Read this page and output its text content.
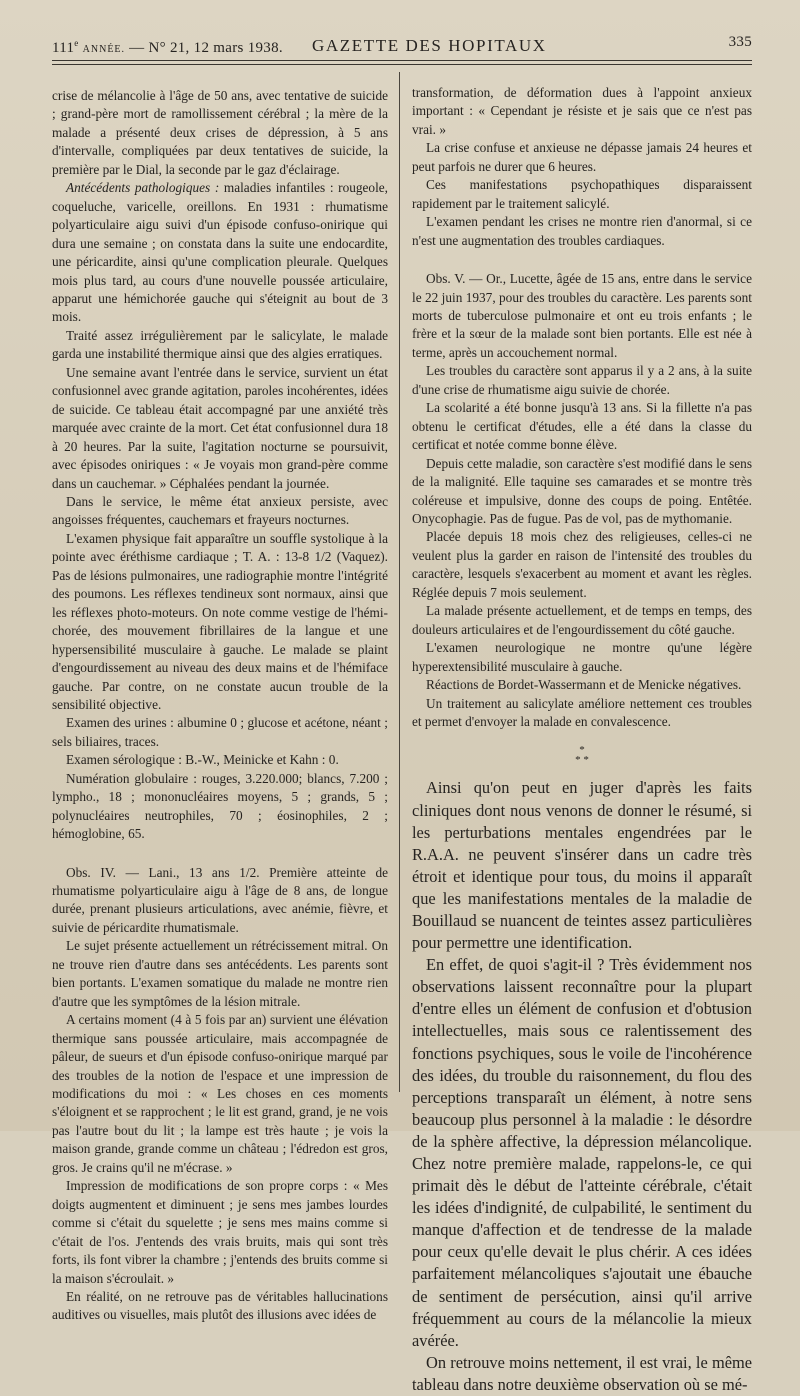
111e ANNÉE. — N° 21, 12 mars 1938. GAZETTE DES HOPITAUX	335

crise de mélancolie à l'âge de 50 ans, avec tentative de suicide ; grand-père mort de ramollissement cérébral ; la mère de la malade a présenté deux crises de dépression, à 5 ans d'intervalle, compliquées par deux tentatives de suicide, la première par le Dial, la seconde par le gaz d'éclairage.

Antécédents pathologiques : maladies infantiles : rougeole, coqueluche, varicelle, oreillons. En 1931 : rhumatisme polyarticulaire aigu suivi d'un épisode confuso-onirique qui dura une semaine ; on constata dans la suite une endocardite, une péricardite, ainsi qu'une complication pleurale. Quelques mois plus tard, au cours d'une nouvelle poussée articulaire, apparut une hémichorée gauche qui s'éteignit au bout de 3 mois.

Traité assez irrégulièrement par le salicylate, le malade garda une instabilité thermique ainsi que des algies erratiques.

Une semaine avant l'entrée dans le service, survient un état confusionnel avec grande agitation, paroles incohérentes, idées de suicide. Ce tableau était accompagné par une anxiété très marquée avec crainte de la mort. Cet état confusionnel dura 18 à 20 heures. Par la suite, l'agitation nocturne se poursuivit, avec épisodes oniriques : « Je voyais mon grand-père comme dans un cauchemar. » Céphalées pendant la journée.

Dans le service, le même état anxieux persiste, avec angoisses fréquentes, cauchemars et frayeurs nocturnes.

L'examen physique fait apparaître un souffle systolique à la pointe avec éréthisme cardiaque ; T. A. : 13-8 1/2 (Vaquez). Pas de lésions pulmonaires, une radiographie montre l'intégrité des poumons. Les réflexes tendineux sont normaux, ainsi que les réflexes photo-moteurs. On note comme vestige de l'hémi-chorée, des mouvement fibrillaires de la langue et une hypersensibilité musculaire à gauche. Le malade se plaint d'engourdissement au niveau des deux mains et de l'hémiface gauche. Par contre, on ne constate aucun trouble de la sensibilité objective.

Examen des urines : albumine 0 ; glucose et acétone, néant ; sels biliaires, traces.

Examen sérologique : B.-W., Meinicke et Kahn : 0.

Numération globulaire : rouges, 3.220.000; blancs, 7.200 ; lympho., 18 ; mononucléaires moyens, 5 ; grands, 5 ; polynucléaires neutrophiles, 70 ; éosinophiles, 2 ; hémoglobine, 65.

Obs. IV. — Lani., 13 ans 1/2. Première atteinte de rhumatisme polyarticulaire aigu à l'âge de 8 ans, de longue durée, prenant plusieurs articulations, avec anémie, fièvre, et suivie de péricardite rhumatismale.

Le sujet présente actuellement un rétrécissement mitral. On ne trouve rien d'autre dans ses antécédents. Les parents sont bien portants. L'examen somatique du malade ne montre rien d'autre que les symptômes de la lésion mitrale.

A certains moment (4 à 5 fois par an) survient une élévation thermique sans poussée articulaire, mais accompagnée de pâleur, de sueurs et d'un épisode confuso-onirique marqué par des troubles de la notion de l'espace et une impression de modifications du moi : « Les choses en ces moments s'éloignent et se rapprochent ; le lit est grand, grand, je ne vois pas l'autre bout du lit ; la lampe est très haute ; je vois la maison grande, grande comme un château ; l'édredon est gros, gros. Je crains qu'il ne m'écrase. »

Impression de modifications de son propre corps : « Mes doigts augmentent et diminuent ; je sens mes jambes lourdes comme si c'était du squelette ; je sens mes mains comme si c'était de l'os. J'entends des vrais bruits, mais qui sont très forts, ils font vibrer la chambre ; j'entends des bruits comme si la maison s'écroulait. »

En réalité, on ne retrouve pas de véritables hallucinations auditives ou visuelles, mais plutôt des illusions avec idées de

transformation, de déformation dues à l'appoint anxieux important : « Cependant je résiste et je sais que ce n'est pas vrai. »

La crise confuse et anxieuse ne dépasse jamais 24 heures et peut parfois ne durer que 6 heures.

Ces manifestations psychopathiques disparaissent rapidement par le traitement salicylé.

L'examen pendant les crises ne montre rien d'anormal, si ce n'est une augmentation des troubles cardiaques.

Obs. V. — Or., Lucette, âgée de 15 ans, entre dans le service le 22 juin 1937, pour des troubles du caractère. Les parents sont morts de tuberculose pulmonaire et ont eu trois enfants ; le frère et la sœur de la malade sont bien portants. Elle est née à terme, après un accouchement normal.

Les troubles du caractère sont apparus il y a 2 ans, à la suite d'une crise de rhumatisme aigu suivie de chorée.

La scolarité a été bonne jusqu'à 13 ans. Si la fillette n'a pas obtenu le certificat d'études, elle a été dans la classe du certificat et notée comme bonne élève.

Depuis cette maladie, son caractère s'est modifié dans le sens de la malignité. Elle taquine ses camarades et se montre très coléreuse et impulsive, donne des coups de poing. Entêtée. Onycophagie. Pas de fugue. Pas de vol, pas de mythomanie.

Placée depuis 18 mois chez des religieuses, celles-ci ne veulent plus la garder en raison de l'intensité des troubles du caractère, lesquels s'exacerbent au moment et avant les règles. Réglée depuis 7 mois seulement.

La malade présente actuellement, et de temps en temps, des douleurs articulaires et de l'engourdissement du côté gauche.

L'examen neurologique ne montre qu'une légère hyperextensibilité musculaire à gauche.

Réactions de Bordet-Wassermann et de Menicke négatives.

Un traitement au salicylate améliore nettement ces troubles et permet d'envoyer la malade en convalescence.

*
* *

Ainsi qu'on peut en juger d'après les faits cliniques dont nous venons de donner le résumé, si les perturbations mentales engendrées par le R.A.A. ne peuvent s'insérer dans un cadre très étroit et identique pour tous, du moins il apparaît que les manifestations mentales de la maladie de Bouillaud se nuancent de teintes assez particulières pour permettre une identification.

En effet, de quoi s'agit-il ? Très évidemment nos observations laissent reconnaître pour la plupart d'entre elles un élément de confusion et d'obtusion intellectuelles, mais sous ce ralentissement des fonctions psychiques, sous le voile de l'incohérence des idées, du trouble du raisonnement, du flou des perceptions transparaît un élément, à notre sens beaucoup plus personnel à la maladie : le désordre de la sphère affective, la dépression mélancolique. Chez notre première malade, rappelons-le, ce qui primait dès le début de l'atteinte cérébrale, c'était les idées d'indignité, de culpabilité, le sentiment du manque d'affection et de tendresse de la malade pour ceux qu'elle devait le plus chérir. A ces idées parfaitement mélancoliques s'ajoutait une ébauche de sentiment de persécution, ainsi qu'il arrive fréquemment au cours de la mélancolie la mieux avérée.

On retrouve moins nettement, il est vrai, le même tableau dans notre deuxième observation où se mé-
